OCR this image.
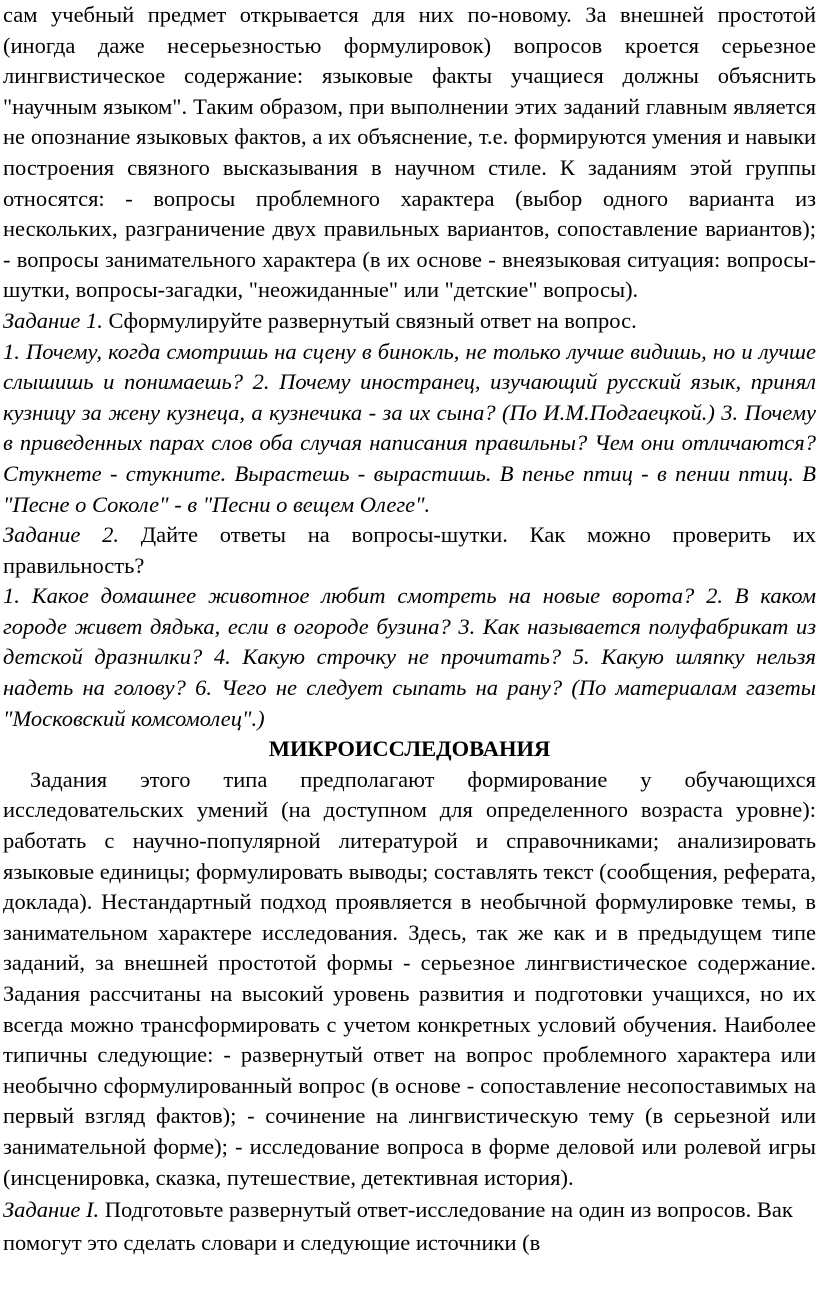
сам учебный предмет открывается для них по-новому. За внешней простотой (иногда даже несерьезностью формулировок) вопросов кроется серьезное лингвистическое содержание: языковые факты учащиеся должны объяснить "научным языком". Таким образом, при выполнении этих заданий главным является не опознание языковых фактов, а их объяснение, т.е. формируются умения и навыки построения связного высказывания в научном стиле. К заданиям этой группы относятся: - вопросы проблемного характера (выбор одного варианта из нескольких, разграничение двух правильных вариантов, сопоставление вариантов); - вопросы занимательного характера (в их основе - внеязыковая ситуация: вопросы-шутки, вопросы-загадки, "неожиданные" или "детские" вопросы).

Задание 1. Сформулируйте развернутый связный ответ на вопрос.

1. Почему, когда смотришь на сцену в бинокль, не только лучше видишь, но и лучше слышишь и понимаешь? 2. Почему иностранец, изучающий русский язык, принял кузницу за жену кузнеца, а кузнечика - за их сына? (По И.М.Подгаецкой.) 3. Почему в приведенных парах слов оба случая написания правильны? Чем они отличаются? Стукнете - стукните. Вырастешь - вырастишь. В пенье птиц - в пении птиц. В "Песне о Соколе" - в "Песни о вещем Олеге".

Задание 2. Дайте ответы на вопросы-шутки. Как можно проверить их правильность?

1. Какое домашнее животное любит смотреть на новые ворота? 2. В каком городе живет дядька, если в огороде бузина? 3. Как называется полуфабрикат из детской дразнилки? 4. Какую строчку не прочитать? 5. Какую шляпку нельзя надеть на голову? 6. Чего не следует сыпать на рану? (По материалам газеты "Московский комсомолец".)

МИКРОИССЛЕДОВАНИЯ

Задания этого типа предполагают формирование у обучающихся исследовательских умений (на доступном для определенного возраста уровне): работать с научно-популярной литературой и справочниками; анализировать языковые единицы; формулировать выводы; составлять текст (сообщения, реферата, доклада). Нестандартный подход проявляется в необычной формулировке темы, в занимательном характере исследования. Здесь, так же как и в предыдущем типе заданий, за внешней простотой формы - серьезное лингвистическое содержание. Задания рассчитаны на высокий уровень развития и подготовки учащихся, но их всегда можно трансформировать с учетом конкретных условий обучения. Наиболее типичны следующие: - развернутый ответ на вопрос проблемного характера или необычно сформулированный вопрос (в основе - сопоставление несопоставимых на первый взгляд фактов); - сочинение на лингвистическую тему (в серьезной или занимательной форме); - исследование вопроса в форме деловой или ролевой игры (инсценировка, сказка, путешествие, детективная история).

Задание I. Подготовьте развернутый ответ-исследование на один из вопросов. Вак помогут это сделать словари и следующие источники (в
